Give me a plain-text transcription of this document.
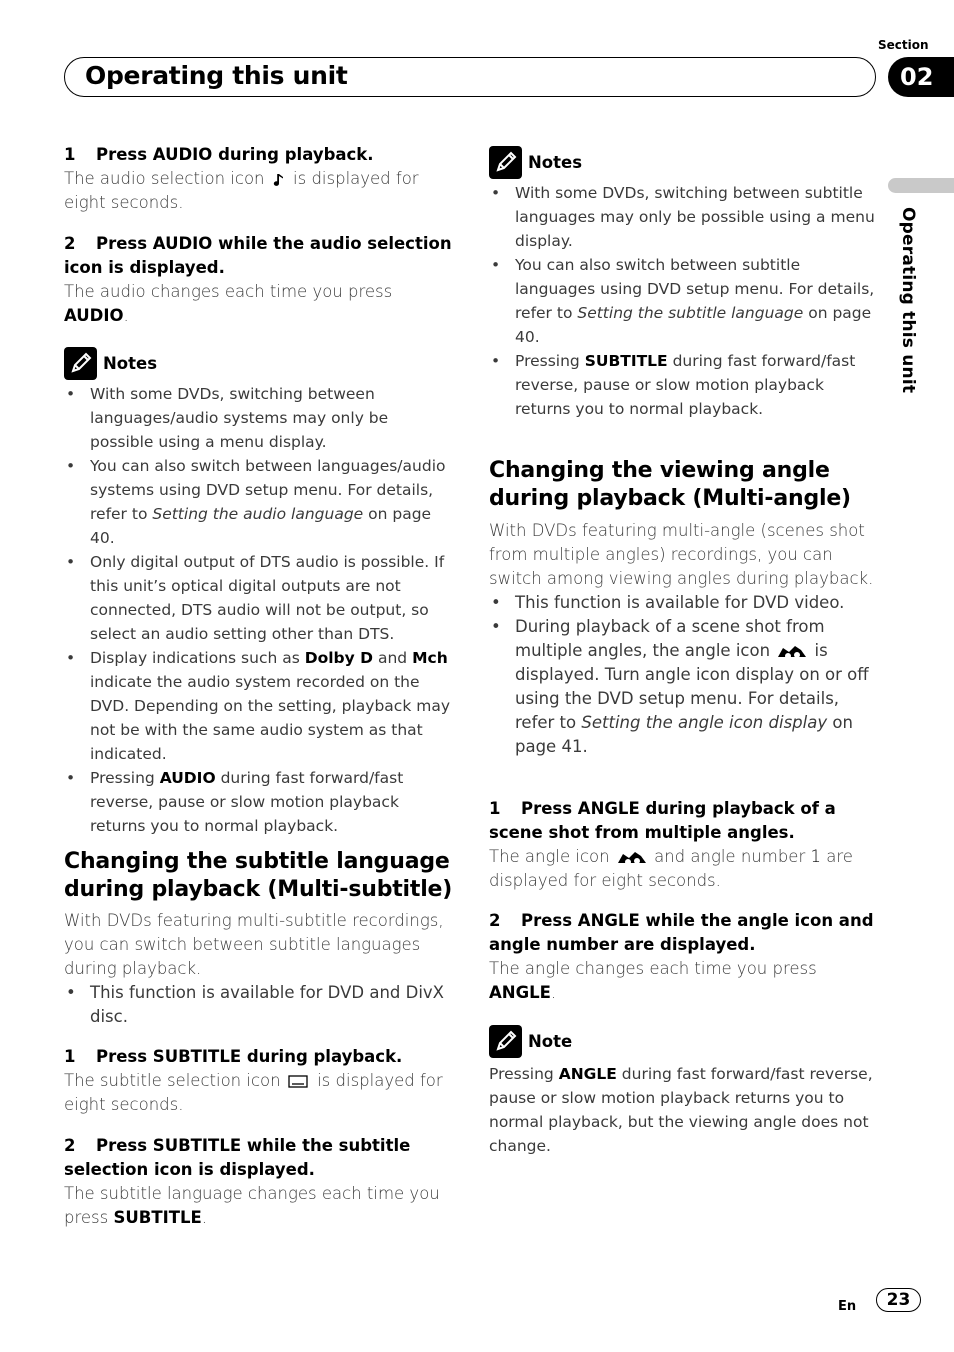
Section
Operating this unit	02
Operating this unit
1 Press AUDIO during playback.
The audio selection icon is displayed for eight seconds.
2 Press AUDIO while the audio selection icon is displayed.
The audio changes each time you press AUDIO.
Notes
• With some DVDs, switching between languages/audio systems may only be possible using a menu display.
• You can also switch between languages/audio systems using DVD setup menu. For details, refer to Setting the audio language on page 40.
• Only digital output of DTS audio is possible. If this unit’s optical digital outputs are not connected, DTS audio will not be output, so select an audio setting other than DTS.
• Display indications such as Dolby D and Mch indicate the audio system recorded on the DVD. Depending on the setting, playback may not be with the same audio system as that indicated.
• Pressing AUDIO during fast forward/fast reverse, pause or slow motion playback returns you to normal playback.
Changing the subtitle language during playback (Multi-subtitle)
With DVDs featuring multi-subtitle recordings, you can switch between subtitle languages during playback.
• This function is available for DVD and DivX disc.
1 Press SUBTITLE during playback.
The subtitle selection icon is displayed for eight seconds.
2 Press SUBTITLE while the subtitle selection icon is displayed.
The subtitle language changes each time you press SUBTITLE.
Notes
• With some DVDs, switching between subtitle languages may only be possible using a menu display.
• You can also switch between subtitle languages using DVD setup menu. For details, refer to Setting the subtitle language on page 40.
• Pressing SUBTITLE during fast forward/fast reverse, pause or slow motion playback returns you to normal playback.
Changing the viewing angle during playback (Multi-angle)
With DVDs featuring multi-angle (scenes shot from multiple angles) recordings, you can switch among viewing angles during playback.
• This function is available for DVD video.
• During playback of a scene shot from multiple angles, the angle icon	is displayed. Turn angle icon display on or off using the DVD setup menu. For details, refer to Setting the angle icon display on page 41.
1 Press ANGLE during playback of a scene shot from multiple angles.
The angle icon	and angle number 1 are displayed for eight seconds.
2 Press ANGLE while the angle icon and angle number are displayed.
The angle changes each time you press ANGLE.
Note
Pressing ANGLE during fast forward/fast reverse, pause or slow motion playback returns you to normal playback, but the viewing angle does not change.
En	23
